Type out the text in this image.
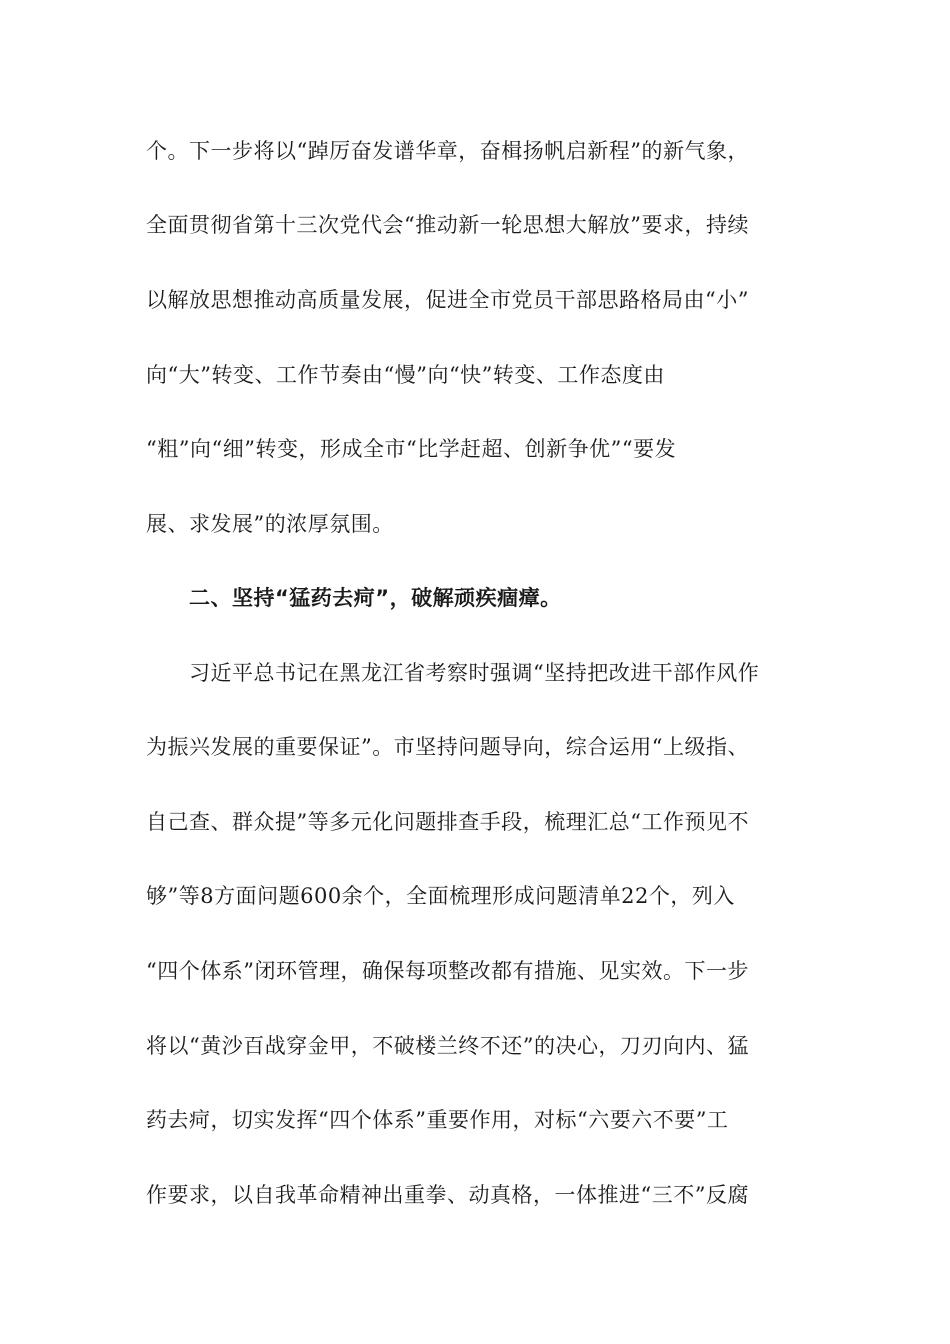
个。下一步将以“踔厉奋发谱华章，奋楫扬帆启新程”的新气象，
全面贯彻省第十三次党代会“推动新一轮思想大解放”要求，持续
以解放思想推动高质量发展，促进全市党员干部思路格局由“小”
向“大”转变、工作节奏由“慢”向“快”转变、工作态度由
“粗”向“细”转变，形成全市“比学赶超、创新争优”“要发
展、求发展”的浓厚氛围。
二、坚持“猛药去疴”，破解顽疾痼瘴。
习近平总书记在黑龙江省考察时强调“坚持把改进干部作风作
为振兴发展的重要保证”。市坚持问题导向，综合运用“上级指、
自己查、群众提”等多元化问题排查手段，梳理汇总“工作预见不
够”等8方面问题600余个，全面梳理形成问题清单22个，列入
“四个体系”闭环管理，确保每项整改都有措施、见实效。下一步
将以“黄沙百战穿金甲，不破楼兰终不还”的决心，刀刃向内、猛
药去疴，切实发挥“四个体系”重要作用，对标“六要六不要”工
作要求，以自我革命精神出重拳、动真格，一体推进“三不”反腐
